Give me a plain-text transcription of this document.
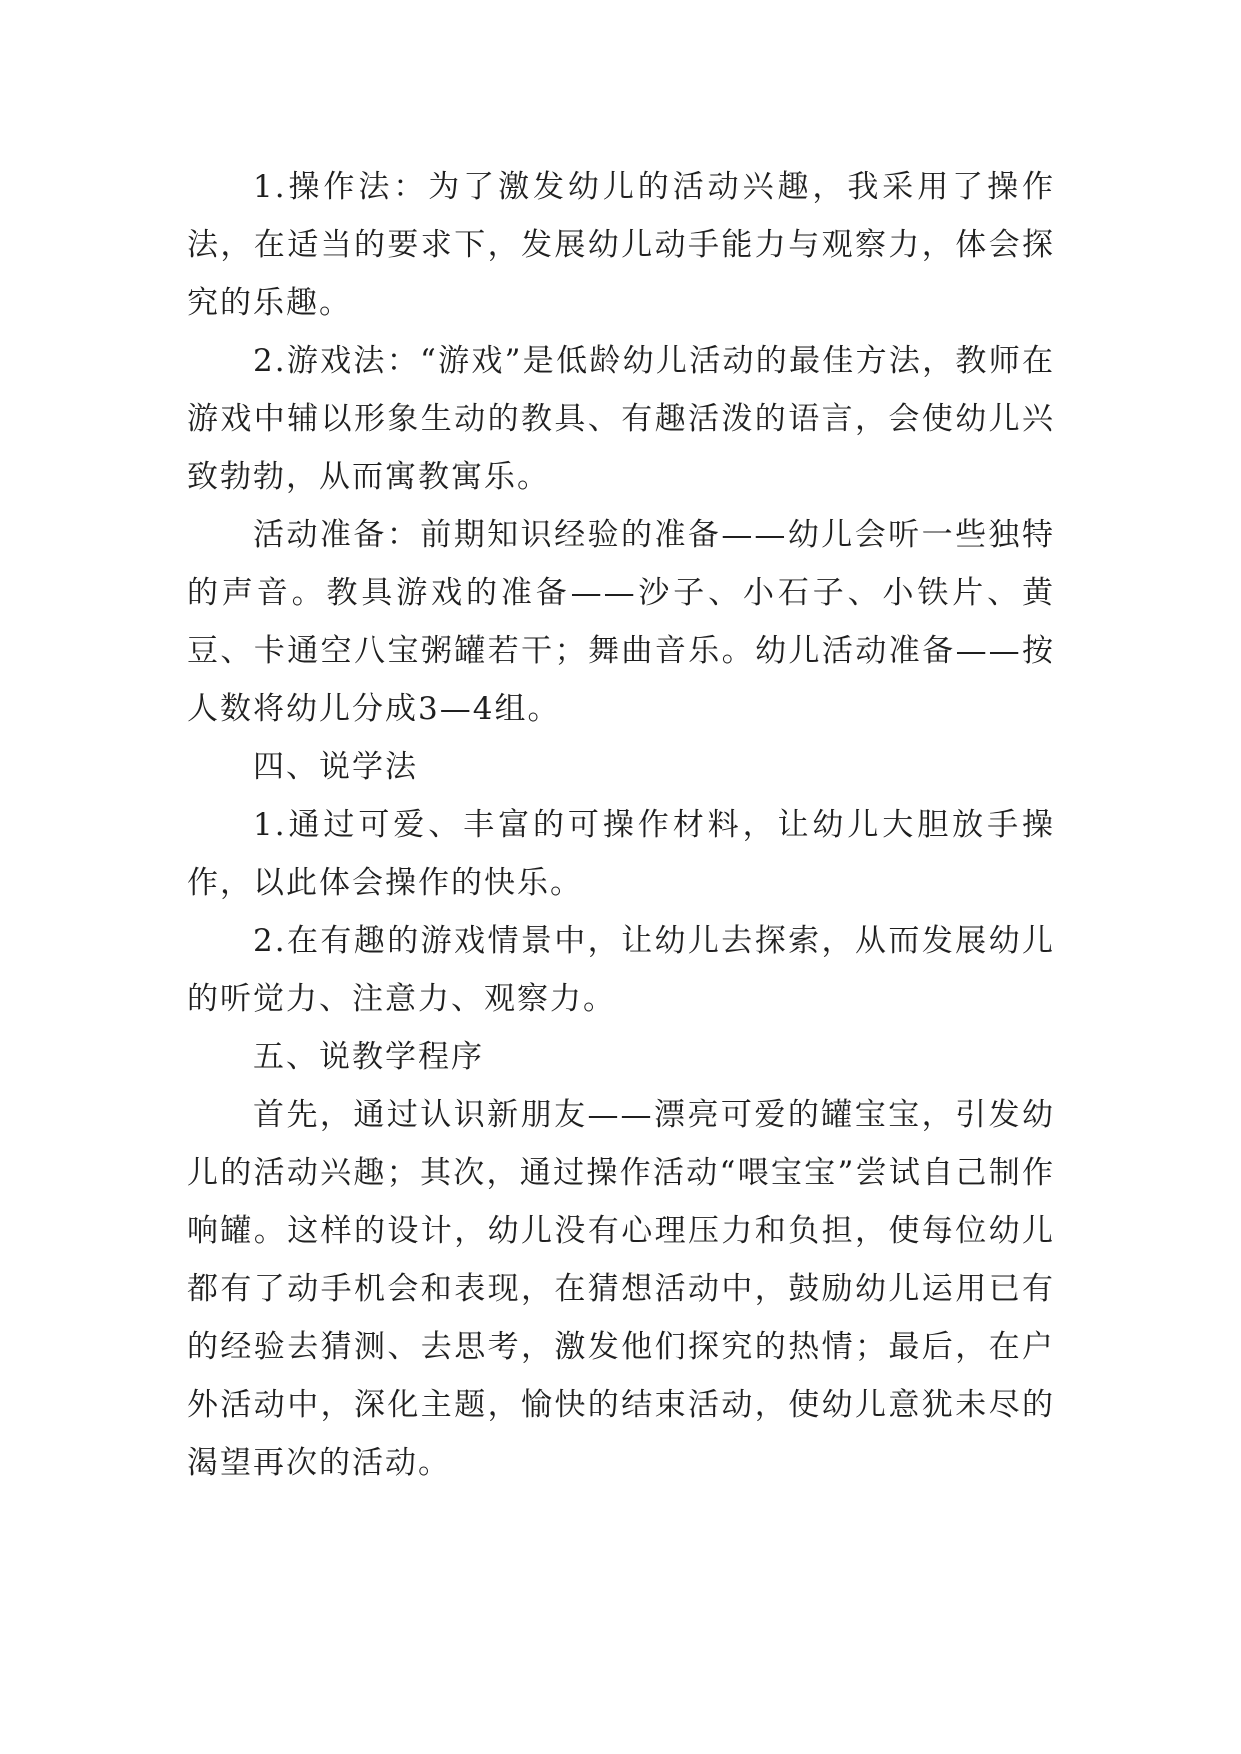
1.操作法：为了激发幼儿的活动兴趣，我采用了操作法，在适当的要求下，发展幼儿动手能力与观察力，体会探究的乐趣。

2.游戏法：“游戏”是低龄幼儿活动的最佳方法，教师在游戏中辅以形象生动的教具、有趣活泼的语言，会使幼儿兴致勃勃，从而寓教寓乐。

活动准备：前期知识经验的准备——幼儿会听一些独特的声音。教具游戏的准备——沙子、小石子、小铁片、黄豆、卡通空八宝粥罐若干；舞曲音乐。幼儿活动准备——按人数将幼儿分成3—4组。

四、说学法

1.通过可爱、丰富的可操作材料，让幼儿大胆放手操作，以此体会操作的快乐。

2.在有趣的游戏情景中，让幼儿去探索，从而发展幼儿的听觉力、注意力、观察力。

五、说教学程序

首先，通过认识新朋友——漂亮可爱的罐宝宝，引发幼儿的活动兴趣；其次，通过操作活动“喂宝宝”尝试自己制作响罐。这样的设计，幼儿没有心理压力和负担，使每位幼儿都有了动手机会和表现，在猜想活动中，鼓励幼儿运用已有的经验去猜测、去思考，激发他们探究的热情；最后，在户外活动中，深化主题，愉快的结束活动，使幼儿意犹未尽的渴望再次的活动。
